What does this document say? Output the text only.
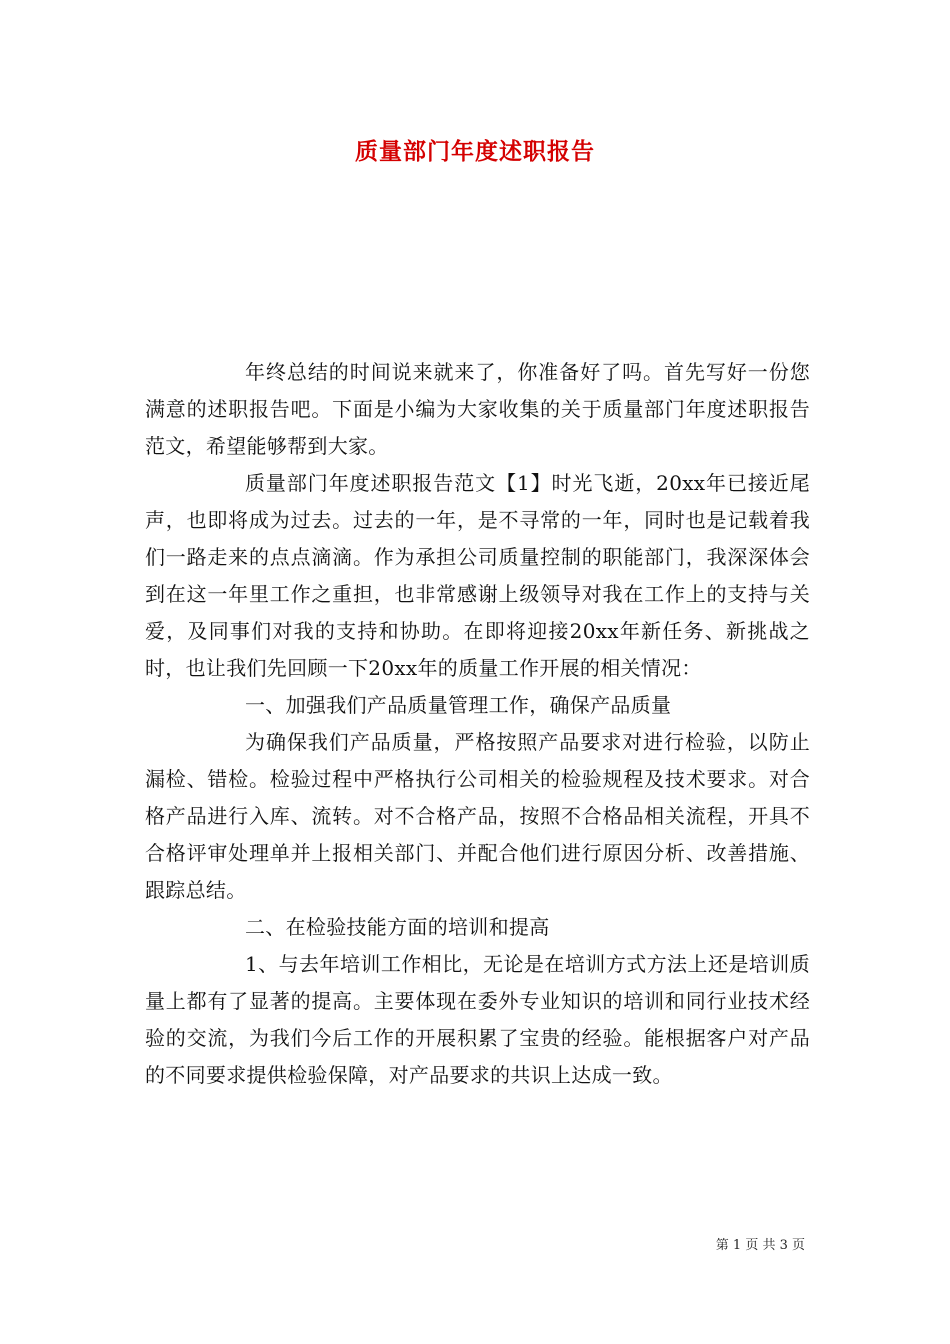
质量部门年度述职报告

年终总结的时间说来就来了，你准备好了吗。首先写好一份您满意的述职报告吧。下面是小编为大家收集的关于质量部门年度述职报告范文，希望能够帮到大家。

质量部门年度述职报告范文【1】时光飞逝，20xx年已接近尾声，也即将成为过去。过去的一年，是不寻常的一年，同时也是记载着我们一路走来的点点滴滴。作为承担公司质量控制的职能部门，我深深体会到在这一年里工作之重担，也非常感谢上级领导对我在工作上的支持与关爱，及同事们对我的支持和协助。在即将迎接20xx年新任务、新挑战之时，也让我们先回顾一下20xx年的质量工作开展的相关情况：

一、加强我们产品质量管理工作，确保产品质量

为确保我们产品质量，严格按照产品要求对进行检验，以防止漏检、错检。检验过程中严格执行公司相关的检验规程及技术要求。对合格产品进行入库、流转。对不合格产品，按照不合格品相关流程，开具不合格评审处理单并上报相关部门、并配合他们进行原因分析、改善措施、跟踪总结。

二、在检验技能方面的培训和提高

1、与去年培训工作相比，无论是在培训方式方法上还是培训质量上都有了显著的提高。主要体现在委外专业知识的培训和同行业技术经验的交流，为我们今后工作的开展积累了宝贵的经验。能根据客户对产品的不同要求提供检验保障，对产品要求的共识上达成一致。

第 1 页 共 3 页
